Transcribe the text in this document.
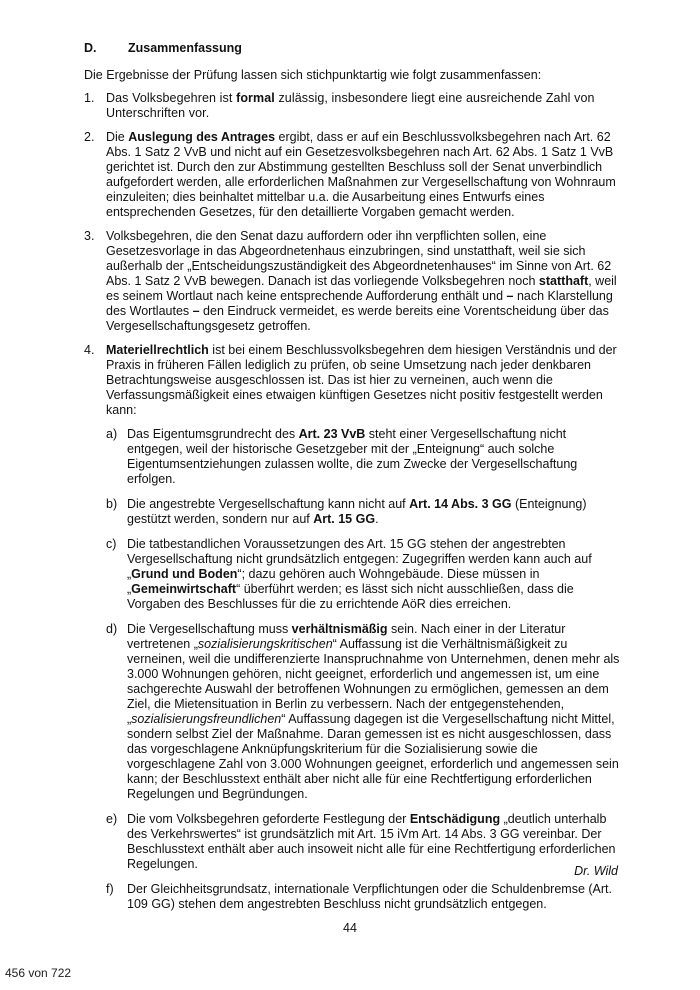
D.	Zusammenfassung

Die Ergebnisse der Prüfung lassen sich stichpunktartig wie folgt zusammenfassen:

1. Das Volksbegehren ist formal zulässig, insbesondere liegt eine ausreichende Zahl von Unterschriften vor.

2. Die Auslegung des Antrages ergibt, dass er auf ein Beschlussvolksbegehren nach Art. 62 Abs. 1 Satz 2 VvB und nicht auf ein Gesetzesvolksbegehren nach Art. 62 Abs. 1 Satz 1 VvB gerichtet ist. Durch den zur Abstimmung gestellten Beschluss soll der Senat unverbindlich aufgefordert werden, alle erforderlichen Maßnahmen zur Vergesellschaftung von Wohnraum einzuleiten; dies beinhaltet mittelbar u.a. die Ausarbeitung eines Entwurfs eines entsprechenden Gesetzes, für den detaillierte Vorgaben gemacht werden.

3. Volksbegehren, die den Senat dazu auffordern oder ihn verpflichten sollen, eine Gesetzesvorlage in das Abgeordnetenhaus einzubringen, sind unstatthaft, weil sie sich außerhalb der „Entscheidungszuständigkeit des Abgeordnetenhauses“ im Sinne von Art. 62 Abs. 1 Satz 2 VvB bewegen. Danach ist das vorliegende Volksbegehren noch statthaft, weil es seinem Wortlaut nach keine entsprechende Aufforderung enthält und – nach Klarstellung des Wortlautes – den Eindruck vermeidet, es werde bereits eine Vorentscheidung über das Vergesellschaftungsgesetz getroffen.

4. Materiellrechtlich ist bei einem Beschlussvolksbegehren dem hiesigen Verständnis und der Praxis in früheren Fällen lediglich zu prüfen, ob seine Umsetzung nach jeder denkbaren Betrachtungsweise ausgeschlossen ist. Das ist hier zu verneinen, auch wenn die Verfassungsmäßigkeit eines etwaigen künftigen Gesetzes nicht positiv festgestellt werden kann:

a) Das Eigentumsgrundrecht des Art. 23 VvB steht einer Vergesellschaftung nicht entgegen, weil der historische Gesetzgeber mit der „Enteignung“ auch solche Eigentumsentziehungen zulassen wollte, die zum Zwecke der Vergesellschaftung erfolgen.

b) Die angestrebte Vergesellschaftung kann nicht auf Art. 14 Abs. 3 GG (Enteignung) gestützt werden, sondern nur auf Art. 15 GG.

c) Die tatbestandlichen Voraussetzungen des Art. 15 GG stehen der angestrebten Vergesellschaftung nicht grundsätzlich entgegen: Zugegriffen werden kann auch auf „Grund und Boden“; dazu gehören auch Wohngebäude. Diese müssen in „Gemeinwirtschaft“ überführt werden; es lässt sich nicht ausschließen, dass die Vorgaben des Beschlusses für die zu errichtende AöR dies erreichen.

d) Die Vergesellschaftung muss verhältnismäßig sein. Nach einer in der Literatur vertretenen „sozialisierungskritischen“ Auffassung ist die Verhältnismäßigkeit zu verneinen, weil die undifferenzierte Inanspruchnahme von Unternehmen, denen mehr als 3.000 Wohnungen gehören, nicht geeignet, erforderlich und angemessen ist, um eine sachgerechte Auswahl der betroffenen Wohnungen zu ermöglichen, gemessen an dem Ziel, die Mietensituation in Berlin zu verbessern. Nach der entgegenstehenden, „sozialisierungsfreundlichen“ Auffassung dagegen ist die Vergesellschaftung nicht Mittel, sondern selbst Ziel der Maßnahme. Daran gemessen ist es nicht ausgeschlossen, dass das vorgeschlagene Anknüpfungskriterium für die Sozialisierung sowie die vorgeschlagene Zahl von 3.000 Wohnungen geeignet, erforderlich und angemessen sein kann; der Beschlusstext enthält aber nicht alle für eine Rechtfertigung erforderlichen Regelungen und Begründungen.

e) Die vom Volksbegehren geforderte Festlegung der Entschädigung „deutlich unterhalb des Verkehrswertes“ ist grundsätzlich mit Art. 15 iVm Art. 14 Abs. 3 GG vereinbar. Der Beschlusstext enthält aber auch insoweit nicht alle für eine Rechtfertigung erforderlichen Regelungen.

f) Der Gleichheitsgrundsatz, internationale Verpflichtungen oder die Schuldenbremse (Art. 109 GG) stehen dem angestrebten Beschluss nicht grundsätzlich entgegen.

Dr. Wild
44
456 von 722
